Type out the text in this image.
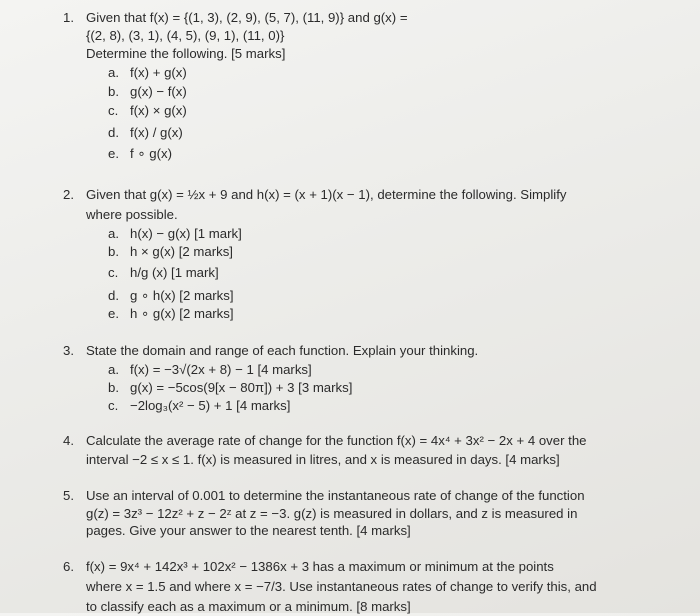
1. Given that f(x) = {(1, 3), (2, 9), (5, 7), (11, 9)} and g(x) =
{(2, 8), (3, 1), (4, 5), (9, 1), (11, 0)}
Determine the following. [5 marks]
a. f(x) + g(x)
b. g(x) − f(x)
c. f(x) × g(x)
d. f(x) / g(x)
e. f ∘ g(x)
2. Given that g(x) = ½x + 9 and h(x) = (x + 1)(x − 1), determine the following. Simplify
where possible.
a. h(x) − g(x) [1 mark]
b. h × g(x) [2 marks]
c. h/g (x) [1 mark]
d. g ∘ h(x) [2 marks]
e. h ∘ g(x) [2 marks]
3. State the domain and range of each function. Explain your thinking.
a. f(x) = −3√(2x + 8) − 1 [4 marks]
b. g(x) = −5cos(9[x − 80π]) + 3 [3 marks]
c. −2log₃(x² − 5) + 1 [4 marks]
4. Calculate the average rate of change for the function f(x) = 4x⁴ + 3x² − 2x + 4 over the
interval −2 ≤ x ≤ 1. f(x) is measured in litres, and x is measured in days. [4 marks]
5. Use an interval of 0.001 to determine the instantaneous rate of change of the function
g(z) = 3z³ − 12z² + z − 2ᶻ at z = −3. g(z) is measured in dollars, and z is measured in
pages. Give your answer to the nearest tenth. [4 marks]
6. f(x) = 9x⁴ + 142x³ + 102x² − 1386x + 3 has a maximum or minimum at the points
where x = 1.5 and where x = −7/3. Use instantaneous rates of change to verify this, and
to classify each as a maximum or a minimum. [8 marks]
